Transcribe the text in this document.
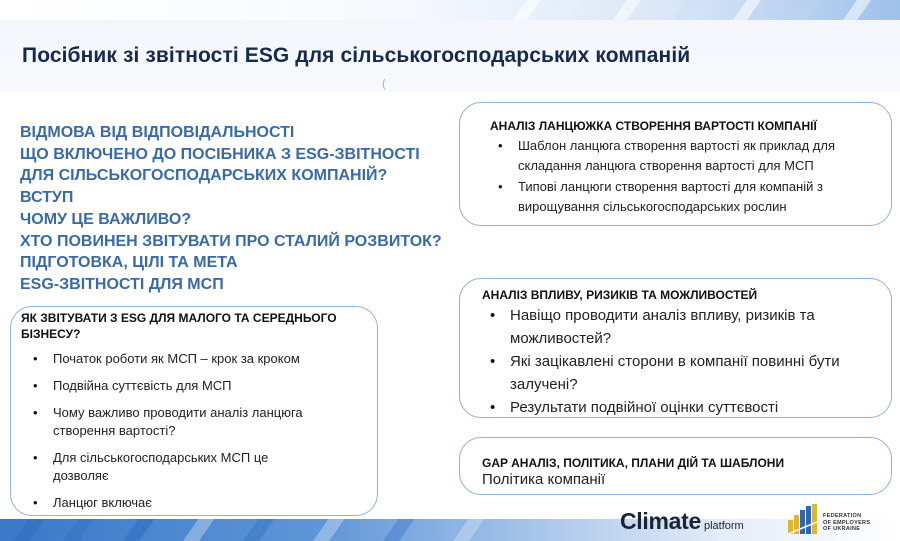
Посібник зі звітності ESG для сільськогосподарських компаній
(
ВІДМОВА ВІД ВІДПОВІДАЛЬНОСТІ
ЩО ВКЛЮЧЕНО ДО ПОСІБНИКА З ESG-ЗВІТНОСТІ
ДЛЯ СІЛЬСЬКОГОСПОДАРСЬКИХ КОМПАНІЙ?
ВСТУП
ЧОМУ ЦЕ ВАЖЛИВО?
ХТО ПОВИНЕН ЗВІТУВАТИ ПРО СТАЛИЙ РОЗВИТОК?
ПІДГОТОВКА, ЦІЛІ ТА МЕТА
ESG-ЗВІТНОСТІ ДЛЯ МСП
ЯК ЗВІТУВАТИ З ESG ДЛЯ МАЛОГО ТА СЕРЕДНЬОГО
БІЗНЕСУ?
• Початок роботи як МСП – крок за кроком
• Подвійна суттєвість для МСП
• Чому важливо проводити аналіз ланцюга
створення вартості?
• Для сільськогосподарських МСП це
дозволяє
• Ланцюг включає
АНАЛІЗ ЛАНЦЮЖКА СТВОРЕННЯ ВАРТОСТІ КОМПАНІЇ
• Шаблон ланцюга створення вартості як приклад для
складання ланцюга створення вартості для МСП
• Типові ланцюги створення вартості для компаній з
вирощування сільськогосподарських рослин
АНАЛІЗ ВПЛИВУ, РИЗИКІВ ТА МОЖЛИВОСТЕЙ
• Навіщо проводити аналіз впливу, ризиків та
можливостей?
• Які зацікавлені сторони в компанії повинні бути
залучені?
• Результати подвійної оцінки суттєвості
GAP АНАЛІЗ, ПОЛІТИКА, ПЛАНИ ДІЙ ТА ШАБЛОНИ
Політика компанії
Climate platform
FEDERATION
OF EMPLOYERS
OF UKRAINE
